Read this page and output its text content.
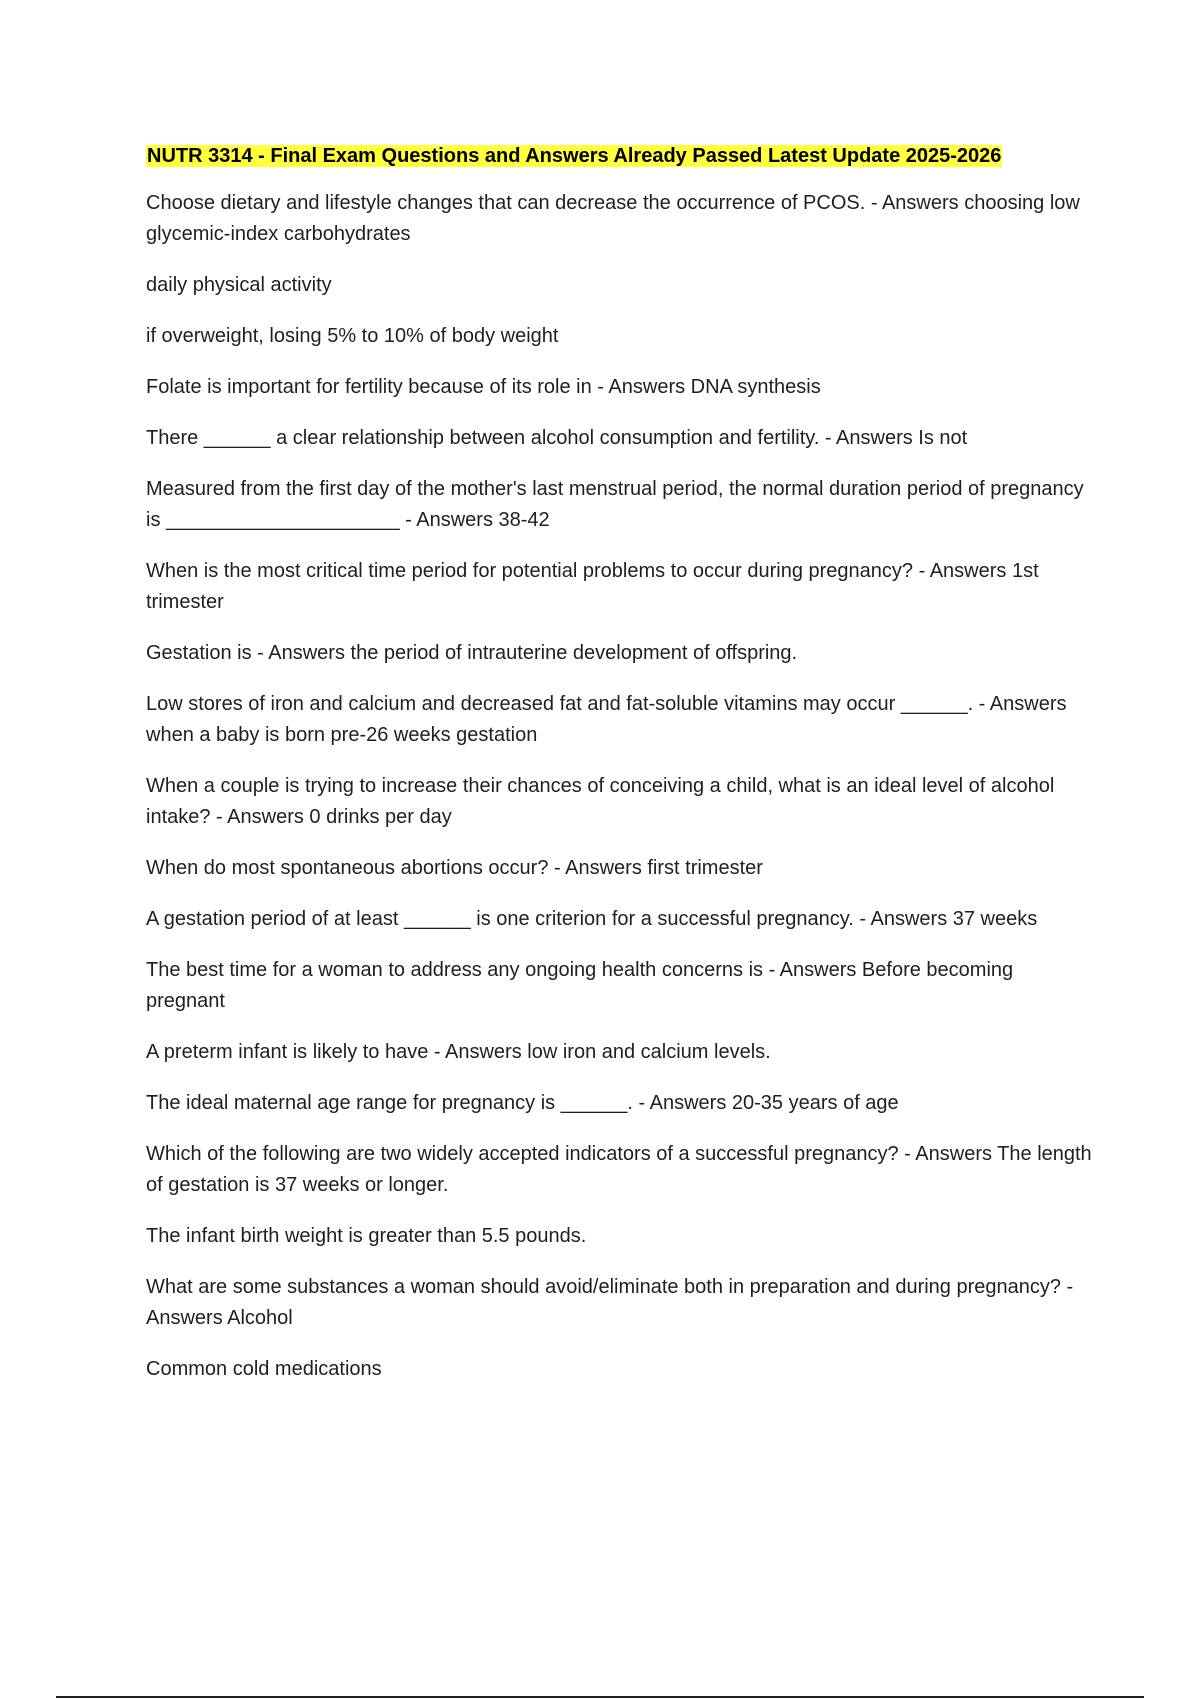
NUTR 3314 - Final Exam Questions and Answers Already Passed Latest Update 2025-2026

Choose dietary and lifestyle changes that can decrease the occurrence of PCOS. - Answers choosing low glycemic-index carbohydrates

daily physical activity

if overweight, losing 5% to 10% of body weight

Folate is important for fertility because of its role in - Answers DNA synthesis

There ______ a clear relationship between alcohol consumption and fertility. - Answers Is not

Measured from the first day of the mother's last menstrual period, the normal duration period of pregnancy is _____________________ - Answers 38-42

When is the most critical time period for potential problems to occur during pregnancy? - Answers 1st trimester

Gestation is - Answers the period of intrauterine development of offspring.

Low stores of iron and calcium and decreased fat and fat-soluble vitamins may occur ______. - Answers when a baby is born pre-26 weeks gestation

When a couple is trying to increase their chances of conceiving a child, what is an ideal level of alcohol intake? - Answers 0 drinks per day

When do most spontaneous abortions occur? - Answers first trimester

A gestation period of at least ______ is one criterion for a successful pregnancy. - Answers 37 weeks

The best time for a woman to address any ongoing health concerns is - Answers Before becoming pregnant

A preterm infant is likely to have - Answers low iron and calcium levels.

The ideal maternal age range for pregnancy is ______. - Answers 20-35 years of age

Which of the following are two widely accepted indicators of a successful pregnancy? - Answers The length of gestation is 37 weeks or longer.

The infant birth weight is greater than 5.5 pounds.

What are some substances a woman should avoid/eliminate both in preparation and during pregnancy? - Answers Alcohol

Common cold medications
